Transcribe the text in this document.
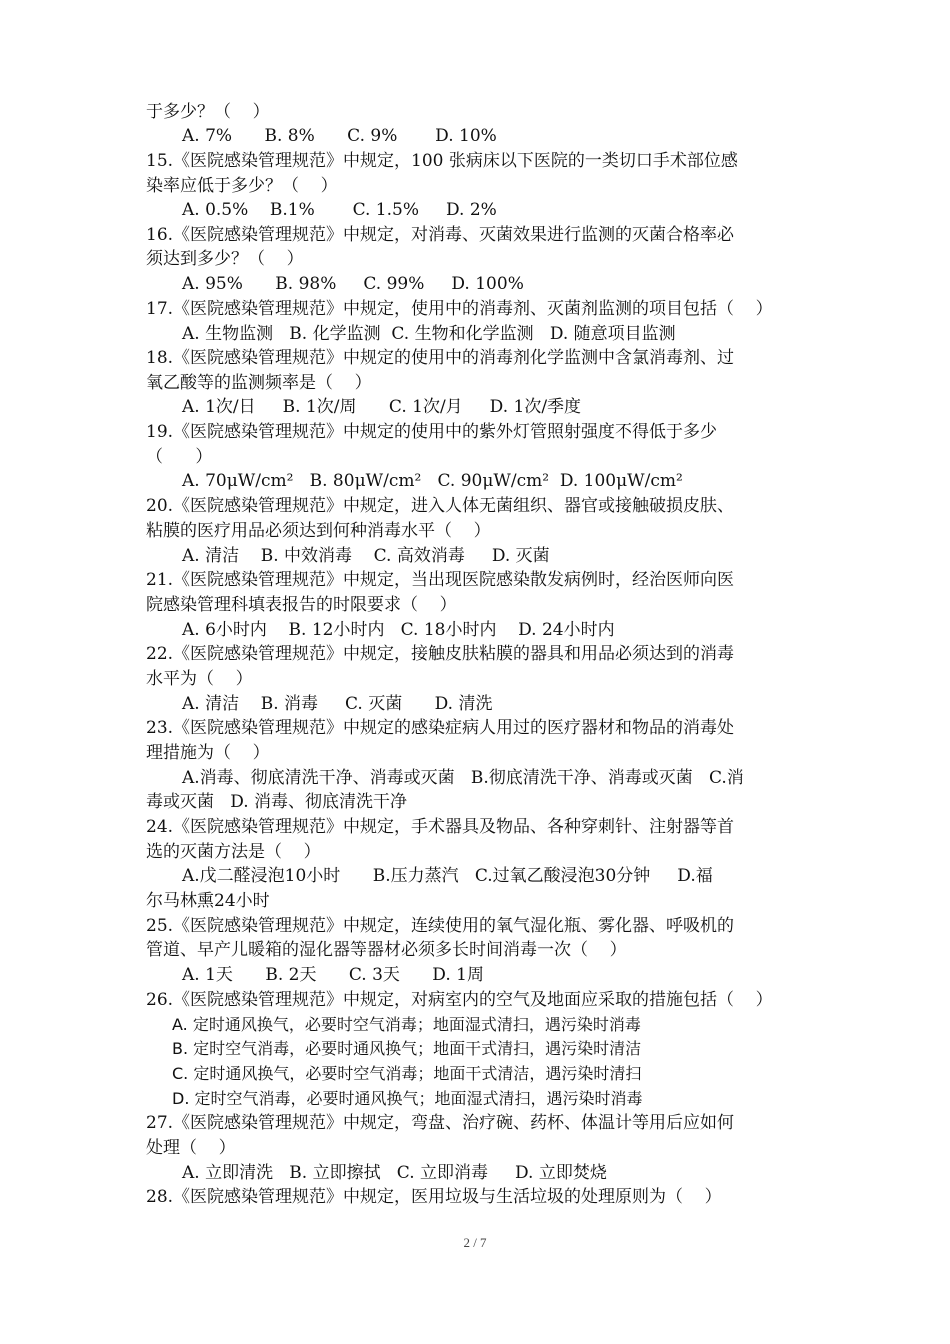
于多少？（    ）
A. 7%      B. 8%      C. 9%       D. 10%
15.《医院感染管理规范》中规定，100 张病床以下医院的一类切口手术部位感
染率应低于多少？（    ）
A. 0.5%    B.1%       C. 1.5%     D. 2%
16.《医院感染管理规范》中规定，对消毒、灭菌效果进行监测的灭菌合格率必
须达到多少？（    ）
A. 95%      B. 98%     C. 99%     D. 100%
17.《医院感染管理规范》中规定，使用中的消毒剂、灭菌剂监测的项目包括（    ）
A. 生物监测   B. 化学监测  C. 生物和化学监测   D. 随意项目监测
18.《医院感染管理规范》中规定的使用中的消毒剂化学监测中含氯消毒剂、过
氧乙酸等的监测频率是（    ）
A. 1次/日     B. 1次/周      C. 1次/月     D. 1次/季度
19.《医院感染管理规范》中规定的使用中的紫外灯管照射强度不得低于多少
（      ）
A. 70μW/cm²   B. 80μW/cm²   C. 90μW/cm²  D. 100μW/cm²
20.《医院感染管理规范》中规定，进入人体无菌组织、器官或接触破损皮肤、
粘膜的医疗用品必须达到何种消毒水平（    ）
A. 清洁    B. 中效消毒    C. 高效消毒     D. 灭菌
21.《医院感染管理规范》中规定，当出现医院感染散发病例时，经治医师向医
院感染管理科填表报告的时限要求（    ）
A. 6小时内    B. 12小时内   C. 18小时内    D. 24小时内
22.《医院感染管理规范》中规定，接触皮肤粘膜的器具和用品必须达到的消毒
水平为（    ）
A. 清洁    B. 消毒     C. 灭菌      D. 清洗
23.《医院感染管理规范》中规定的感染症病人用过的医疗器材和物品的消毒处
理措施为（    ）
A.消毒、彻底清洗干净、消毒或灭菌   B.彻底清洗干净、消毒或灭菌   C.消
毒或灭菌   D. 消毒、彻底清洗干净
24.《医院感染管理规范》中规定，手术器具及物品、各种穿刺针、注射器等首
选的灭菌方法是（    ）
A.戊二醛浸泡10小时      B.压力蒸汽   C.过氧乙酸浸泡30分钟     D.福
尔马林熏24小时
25.《医院感染管理规范》中规定，连续使用的氧气湿化瓶、雾化器、呼吸机的
管道、早产儿暖箱的湿化器等器材必须多长时间消毒一次（    ）
A. 1天      B. 2天      C. 3天      D. 1周
26.《医院感染管理规范》中规定，对病室内的空气及地面应采取的措施包括（    ）
A. 定时通风换气，必要时空气消毒；地面湿式清扫，遇污染时消毒
B. 定时空气消毒，必要时通风换气；地面干式清扫，遇污染时清洁
C. 定时通风换气，必要时空气消毒；地面干式清洁，遇污染时清扫
D. 定时空气消毒，必要时通风换气；地面湿式清扫，遇污染时消毒
27.《医院感染管理规范》中规定，弯盘、治疗碗、药杯、体温计等用后应如何
处理（    ）
A. 立即清洗   B. 立即擦拭   C. 立即消毒     D. 立即焚烧
28.《医院感染管理规范》中规定，医用垃圾与生活垃圾的处理原则为（    ）
2 / 7
